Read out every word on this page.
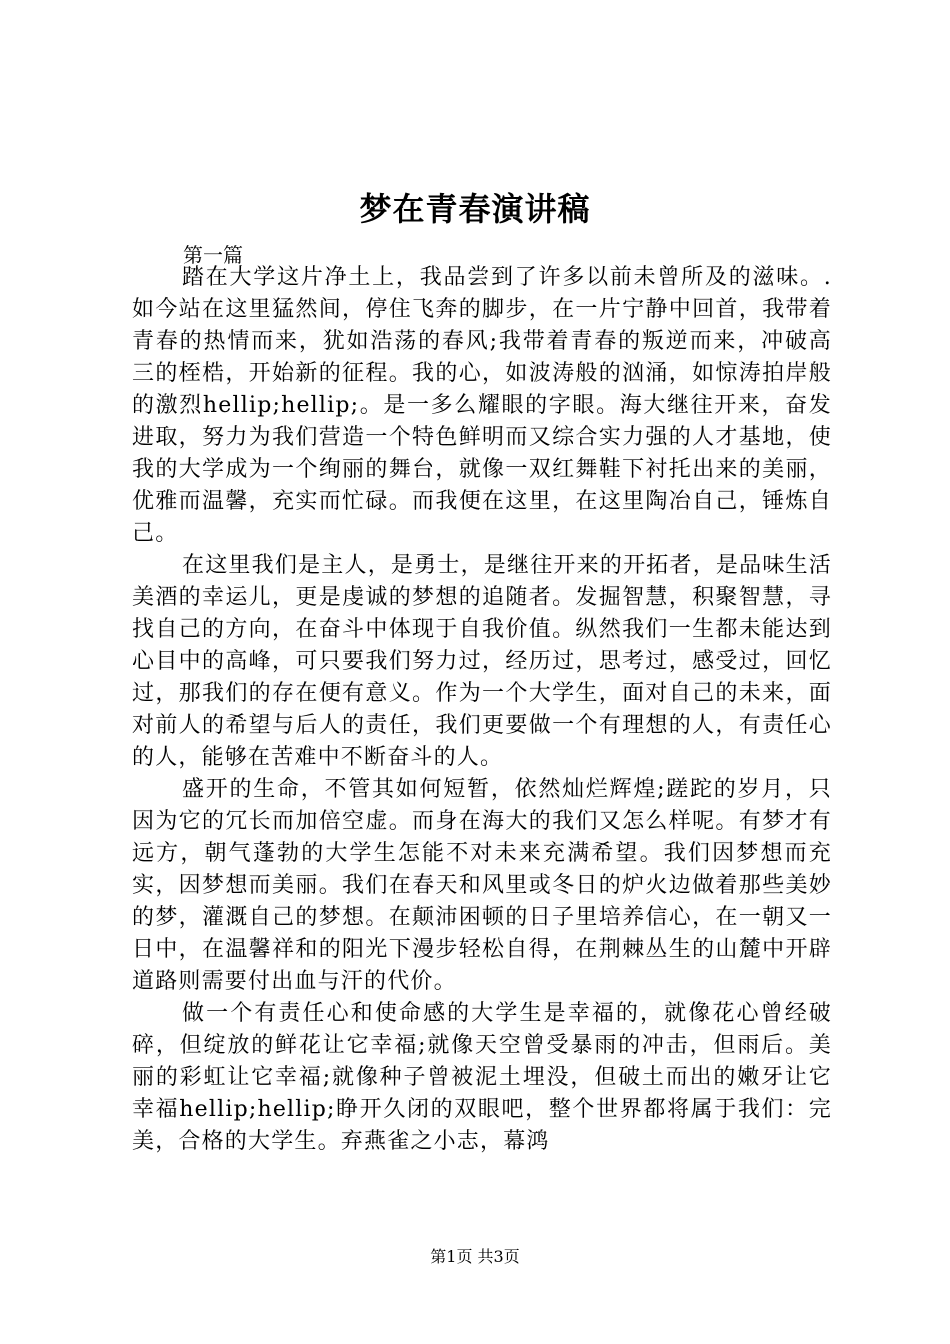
梦在青春演讲稿

第一篇

踏在大学这片净土上，我品尝到了许多以前未曾所及的滋味。.如今站在这里猛然间，停住飞奔的脚步，在一片宁静中回首，我带着青春的热情而来，犹如浩荡的春风;我带着青春的叛逆而来，冲破高三的桎梏，开始新的征程。我的心，如波涛般的汹涌，如惊涛拍岸般的激烈hellip;hellip;。是一多么耀眼的字眼。海大继往开来，奋发进取，努力为我们营造一个特色鲜明而又综合实力强的人才基地，使我的大学成为一个绚丽的舞台，就像一双红舞鞋下衬托出来的美丽，优雅而温馨，充实而忙碌。而我便在这里，在这里陶冶自己，锤炼自己。

在这里我们是主人，是勇士，是继往开来的开拓者，是品味生活美酒的幸运儿，更是虔诚的梦想的追随者。发掘智慧，积聚智慧，寻找自己的方向，在奋斗中体现于自我价值。纵然我们一生都未能达到心目中的高峰，可只要我们努力过，经历过，思考过，感受过，回忆过，那我们的存在便有意义。作为一个大学生，面对自己的未来，面对前人的希望与后人的责任，我们更要做一个有理想的人，有责任心的人，能够在苦难中不断奋斗的人。

盛开的生命，不管其如何短暂，依然灿烂辉煌;蹉跎的岁月，只因为它的冗长而加倍空虚。而身在海大的我们又怎么样呢。有梦才有远方，朝气蓬勃的大学生怎能不对未来充满希望。我们因梦想而充实，因梦想而美丽。我们在春天和风里或冬日的炉火边做着那些美妙的梦，灌溉自己的梦想。在颠沛困顿的日子里培养信心，在一朝又一日中，在温馨祥和的阳光下漫步轻松自得，在荆棘丛生的山麓中开辟道路则需要付出血与汗的代价。

做一个有责任心和使命感的大学生是幸福的，就像花心曾经破碎，但绽放的鲜花让它幸福;就像天空曾受暴雨的冲击，但雨后。美丽的彩虹让它幸福;就像种子曾被泥土埋没，但破土而出的嫩牙让它幸福hellip;hellip;睁开久闭的双眼吧，整个世界都将属于我们：完美，合格的大学生。弃燕雀之小志，幕鸿

第1页 共3页
